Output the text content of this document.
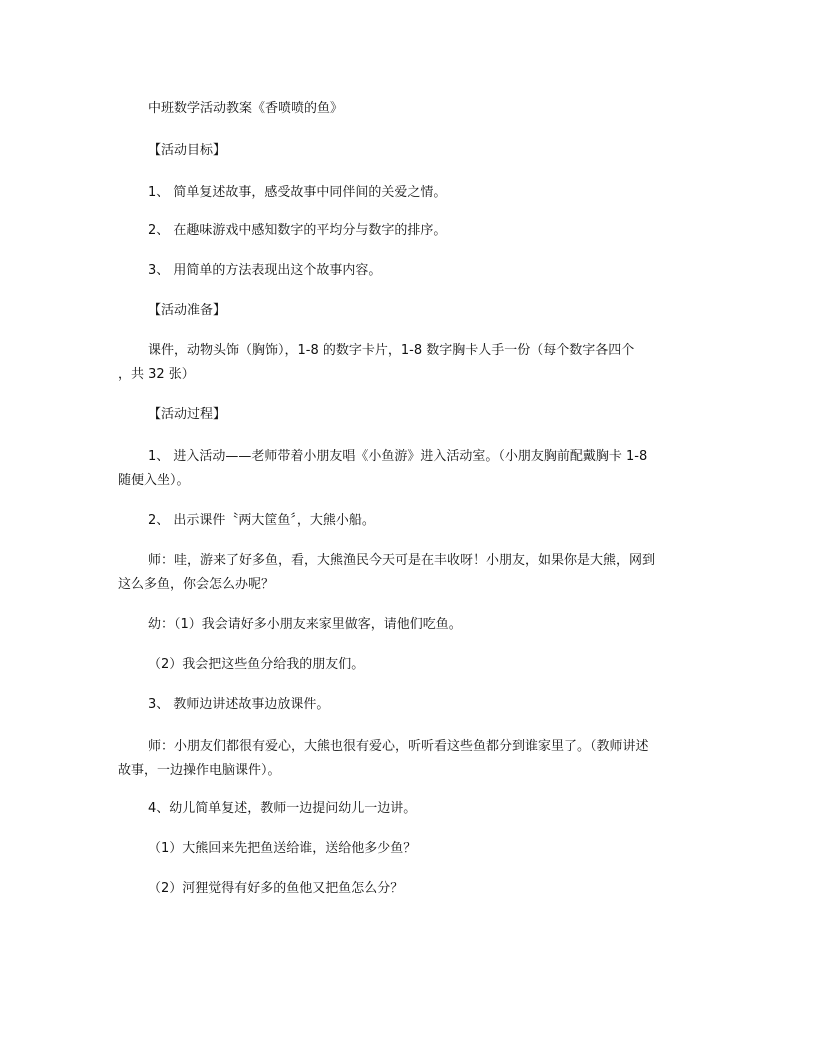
中班数学活动教案《香喷喷的鱼》

【活动目标】

1、 简单复述故事，感受故事中同伴间的关爱之情。

2、 在趣味游戏中感知数字的平均分与数字的排序。

3、 用简单的方法表现出这个故事内容。

【活动准备】

课件，动物头饰（胸饰），1-8 的数字卡片，1-8 数字胸卡人手一份（每个数字各四个

，共 32 张）

【活动过程】

1、 进入活动——老师带着小朋友唱《小鱼游》进入活动室。（小朋友胸前配戴胸卡 1-8

随便入坐）。

2、 出示课件〝两大筐鱼〞，大熊小船。

师：哇，游来了好多鱼，看，大熊渔民今天可是在丰收呀！小朋友，如果你是大熊，网到

这么多鱼，你会怎么办呢？

幼：（1）我会请好多小朋友来家里做客，请他们吃鱼。

（2）我会把这些鱼分给我的朋友们。

3、 教师边讲述故事边放课件。

师：小朋友们都很有爱心，大熊也很有爱心，听听看这些鱼都分到谁家里了。（教师讲述

故事，一边操作电脑课件）。

4、幼儿简单复述，教师一边提问幼儿一边讲。

（1）大熊回来先把鱼送给谁，送给他多少鱼？

（2）河狸觉得有好多的鱼他又把鱼怎么分？
